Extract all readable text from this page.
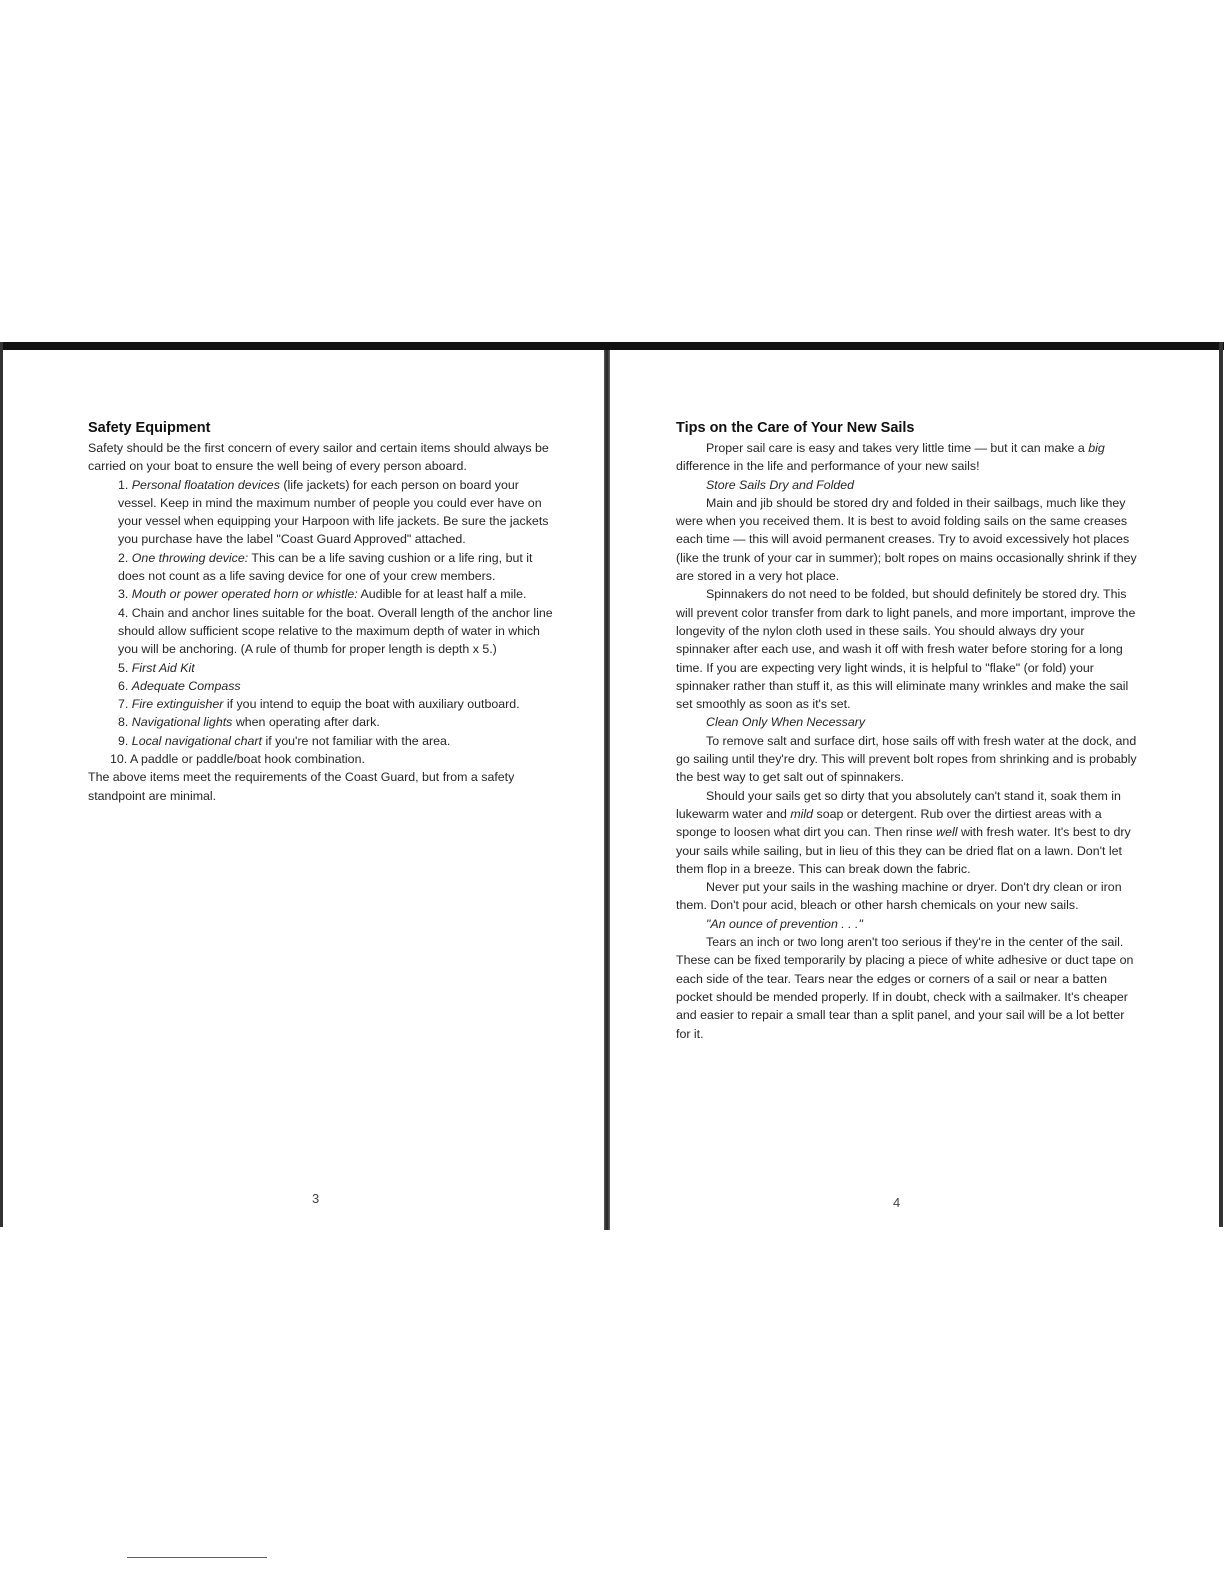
Safety Equipment

Safety should be the first concern of every sailor and certain items should always be carried on your boat to ensure the well being of every person aboard.

1. Personal floatation devices (life jackets) for each person on board your vessel. Keep in mind the maximum number of people you could ever have on your vessel when equipping your Harpoon with life jackets. Be sure the jackets you purchase have the label "Coast Guard Approved" attached.

2. One throwing device: This can be a life saving cushion or a life ring, but it does not count as a life saving device for one of your crew members.

3. Mouth or power operated horn or whistle: Audible for at least half a mile.

4. Chain and anchor lines suitable for the boat. Overall length of the anchor line should allow sufficient scope relative to the maximum depth of water in which you will be anchoring. (A rule of thumb for proper length is depth x 5.)

5. First Aid Kit

6. Adequate Compass

7. Fire extinguisher if you intend to equip the boat with auxiliary outboard.

8. Navigational lights when operating after dark.

9. Local navigational chart if you're not familiar with the area.

10. A paddle or paddle/boat hook combination.

The above items meet the requirements of the Coast Guard, but from a safety standpoint are minimal.

3
Tips on the Care of Your New Sails

Proper sail care is easy and takes very little time — but it can make a big difference in the life and performance of your new sails!

Store Sails Dry and Folded

Main and jib should be stored dry and folded in their sailbags, much like they were when you received them. It is best to avoid folding sails on the same creases each time — this will avoid permanent creases. Try to avoid excessively hot places (like the trunk of your car in summer); bolt ropes on mains occasionally shrink if they are stored in a very hot place.

Spinnakers do not need to be folded, but should definitely be stored dry. This will prevent color transfer from dark to light panels, and more important, improve the longevity of the nylon cloth used in these sails. You should always dry your spinnaker after each use, and wash it off with fresh water before storing for a long time. If you are expecting very light winds, it is helpful to "flake" (or fold) your spinnaker rather than stuff it, as this will eliminate many wrinkles and make the sail set smoothly as soon as it's set.

Clean Only When Necessary

To remove salt and surface dirt, hose sails off with fresh water at the dock, and go sailing until they're dry. This will prevent bolt ropes from shrinking and is probably the best way to get salt out of spinnakers.

Should your sails get so dirty that you absolutely can't stand it, soak them in lukewarm water and mild soap or detergent. Rub over the dirtiest areas with a sponge to loosen what dirt you can. Then rinse well with fresh water. It's best to dry your sails while sailing, but in lieu of this they can be dried flat on a lawn. Don't let them flop in a breeze. This can break down the fabric.

Never put your sails in the washing machine or dryer. Don't dry clean or iron them. Don't pour acid, bleach or other harsh chemicals on your new sails.

"An ounce of prevention . . ."

Tears an inch or two long aren't too serious if they're in the center of the sail. These can be fixed temporarily by placing a piece of white adhesive or duct tape on each side of the tear. Tears near the edges or corners of a sail or near a batten pocket should be mended properly. If in doubt, check with a sailmaker. It's cheaper and easier to repair a small tear than a split panel, and your sail will be a lot better for it.

4
